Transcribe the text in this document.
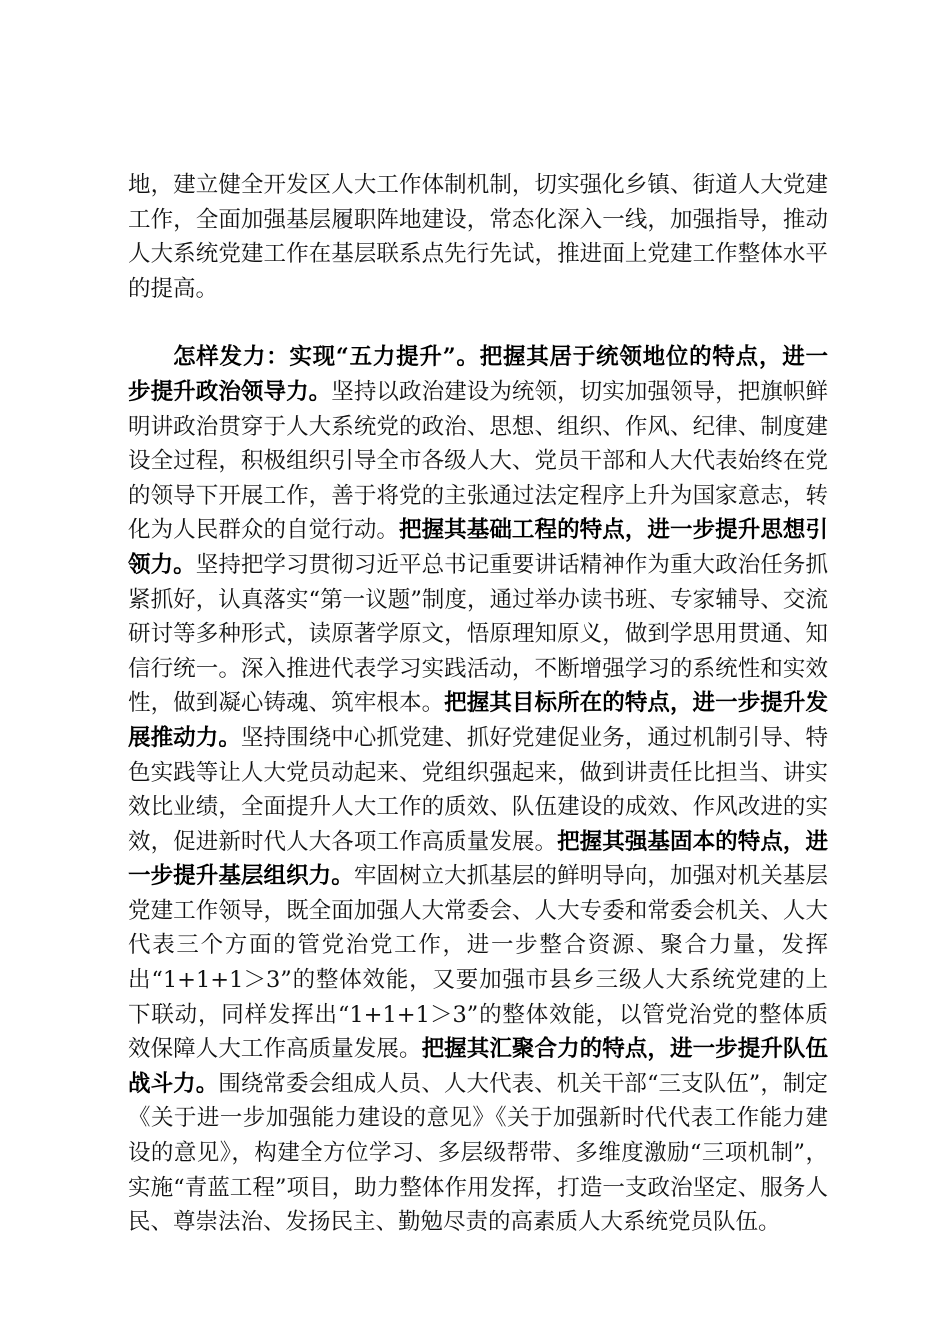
地，建立健全开发区人大工作体制机制，切实强化乡镇、街道人大党建工作，全面加强基层履职阵地建设，常态化深入一线，加强指导，推动人大系统党建工作在基层联系点先行先试，推进面上党建工作整体水平的提高。

怎样发力：实现“五力提升”。把握其居于统领地位的特点，进一步提升政治领导力。坚持以政治建设为统领，切实加强领导，把旗帜鲜明讲政治贯穿于人大系统党的政治、思想、组织、作风、纪律、制度建设全过程，积极组织引导全市各级人大、党员干部和人大代表始终在党的领导下开展工作，善于将党的主张通过法定程序上升为国家意志，转化为人民群众的自觉行动。把握其基础工程的特点，进一步提升思想引领力。坚持把学习贯彻习近平总书记重要讲话精神作为重大政治任务抓紧抓好，认真落实“第一议题”制度，通过举办读书班、专家辅导、交流研讨等多种形式，读原著学原文，悟原理知原义，做到学思用贯通、知信行统一。深入推进代表学习实践活动，不断增强学习的系统性和实效性，做到凝心铸魂、筑牢根本。把握其目标所在的特点，进一步提升发展推动力。坚持围绕中心抓党建、抓好党建促业务，通过机制引导、特色实践等让人大党员动起来、党组织强起来，做到讲责任比担当、讲实效比业绩，全面提升人大工作的质效、队伍建设的成效、作风改进的实效，促进新时代人大各项工作高质量发展。把握其强基固本的特点，进一步提升基层组织力。牢固树立大抓基层的鲜明导向，加强对机关基层党建工作领导，既全面加强人大常委会、人大专委和常委会机关、人大代表三个方面的管党治党工作，进一步整合资源、聚合力量，发挥出“1+1+1＞3”的整体效能，又要加强市县乡三级人大系统党建的上下联动，同样发挥出“1+1+1＞3”的整体效能，以管党治党的整体质效保障人大工作高质量发展。把握其汇聚合力的特点，进一步提升队伍战斗力。围绕常委会组成人员、人大代表、机关干部“三支队伍”，制定《关于进一步加强能力建设的意见》《关于加强新时代代表工作能力建设的意见》，构建全方位学习、多层级帮带、多维度激励“三项机制”，实施“青蓝工程”项目，助力整体作用发挥，打造一支政治坚定、服务人民、尊崇法治、发扬民主、勤勉尽责的高素质人大系统党员队伍。
